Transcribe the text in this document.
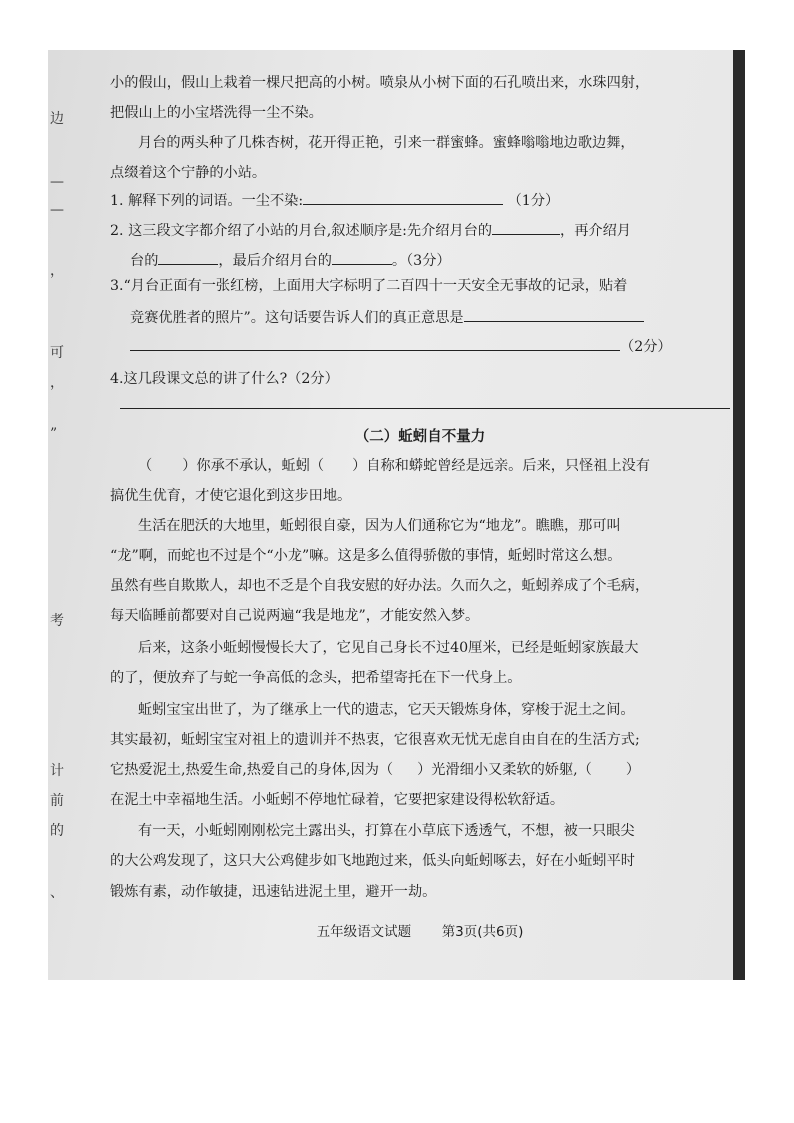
边
—
—
，
可
，
”
考
计
前
的
、
小的假山，假山上栽着一棵尺把高的小树。喷泉从小树下面的石孔喷出来，水珠四射，
把假山上的小宝塔洗得一尘不染。
月台的两头种了几株杏树，花开得正艳，引来一群蜜蜂。蜜蜂嗡嗡地边歌边舞，
点缀着这个宁静的小站。
1. 解释下列的词语。一尘不染:	（1分）
2. 这三段文字都介绍了小站的月台,叙述顺序是:先介绍月台的	，再介绍月
台的	，最后介绍月台的	。（3分）
3.“月台正面有一张红榜，上面用大字标明了二百四十一天安全无事故的记录，贴着
竞赛优胜者的照片”。这句话要告诉人们的真正意思是
（2分）
4.这几段课文总的讲了什么?（2分）
（二）蚯蚓自不量力
（ ）你承不承认，蚯蚓（ ）自称和蟒蛇曾经是远亲。后来，只怪祖上没有
搞优生优育，才使它退化到这步田地。
生活在肥沃的大地里，蚯蚓很自豪，因为人们通称它为“地龙”。瞧瞧，那可叫
“龙”啊，而蛇也不过是个“小龙”嘛。这是多么值得骄傲的事情，蚯蚓时常这么想。
虽然有些自欺欺人，却也不乏是个自我安慰的好办法。久而久之，蚯蚓养成了个毛病，
每天临睡前都要对自己说两遍“我是地龙”，才能安然入梦。
后来，这条小蚯蚓慢慢长大了，它见自己身长不过40厘米，已经是蚯蚓家族最大
的了，便放弃了与蛇一争高低的念头，把希望寄托在下一代身上。
蚯蚓宝宝出世了，为了继承上一代的遗志，它天天锻炼身体，穿梭于泥土之间。
其实最初，蚯蚓宝宝对祖上的遗训并不热衷，它很喜欢无忧无虑自由自在的生活方式;
它热爱泥土,热爱生命,热爱自己的身体,因为（ ）光滑细小又柔软的娇躯,（ ）
在泥土中幸福地生活。小蚯蚓不停地忙碌着，它要把家建设得松软舒适。
有一天，小蚯蚓刚刚松完土露出头，打算在小草底下透透气，不想，被一只眼尖
的大公鸡发现了，这只大公鸡健步如飞地跑过来，低头向蚯蚓啄去，好在小蚯蚓平时
锻炼有素，动作敏捷，迅速钻进泥土里，避开一劫。
五年级语文试题 第3页(共6页)
